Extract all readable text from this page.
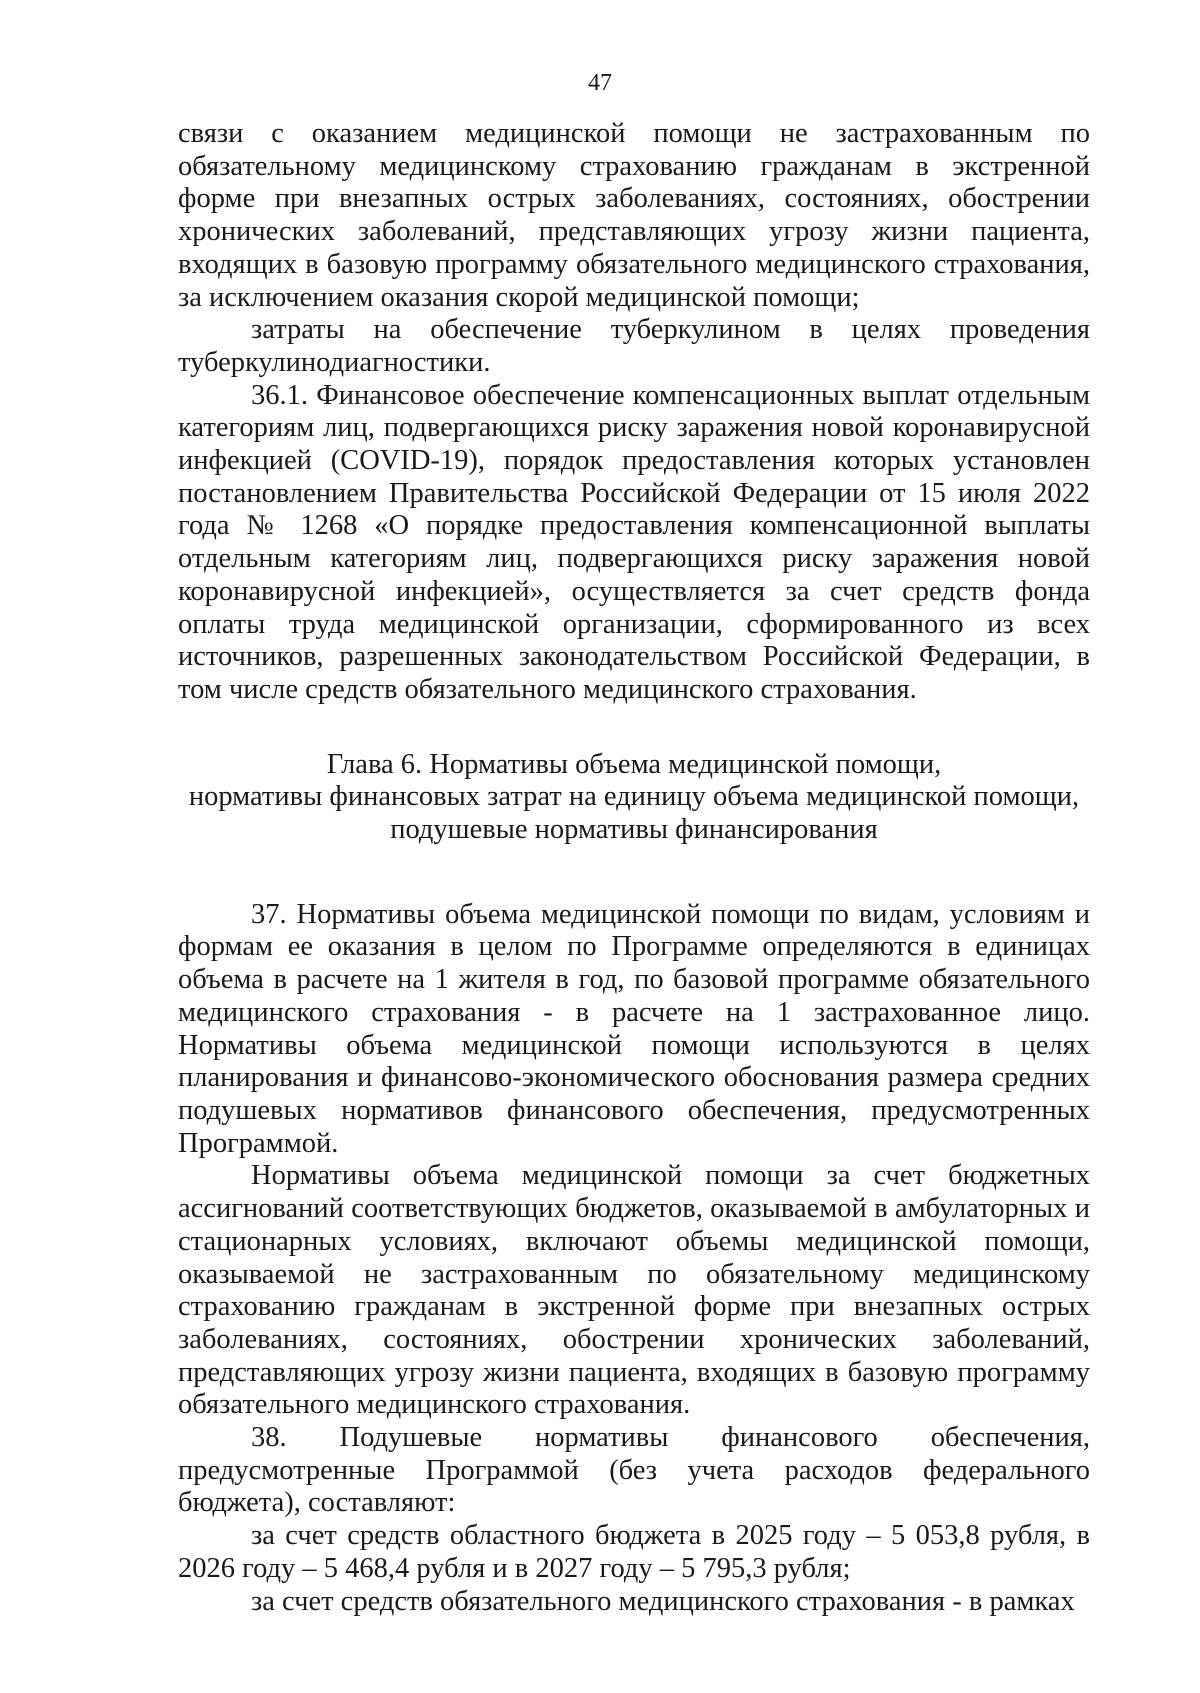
47

связи с оказанием медицинской помощи не застрахованным по обязательному медицинскому страхованию гражданам в экстренной форме при внезапных острых заболеваниях, состояниях, обострении хронических заболеваний, представляющих угрозу жизни пациента, входящих в базовую программу обязательного медицинского страхования, за исключением оказания скорой медицинской помощи;

затраты на обеспечение туберкулином в целях проведения туберкулинодиагностики.

36.1. Финансовое обеспечение компенсационных выплат отдельным категориям лиц, подвергающихся риску заражения новой коронавирусной инфекцией (COVID-19), порядок предоставления которых установлен постановлением Правительства Российской Федерации от 15 июля 2022 года № 1268 «О порядке предоставления компенсационной выплаты отдельным категориям лиц, подвергающихся риску заражения новой коронавирусной инфекцией», осуществляется за счет средств фонда оплаты труда медицинской организации, сформированного из всех источников, разрешенных законодательством Российской Федерации, в том числе средств обязательного медицинского страхования.

Глава 6. Нормативы объема медицинской помощи,

нормативы финансовых затрат на единицу объема медицинской помощи,

подушевые нормативы финансирования

37. Нормативы объема медицинской помощи по видам, условиям и формам ее оказания в целом по Программе определяются в единицах объема в расчете на 1 жителя в год, по базовой программе обязательного медицинского страхования - в расчете на 1 застрахованное лицо. Нормативы объема медицинской помощи используются в целях планирования и финансово-экономического обоснования размера средних подушевых нормативов финансового обеспечения, предусмотренных Программой.

Нормативы объема медицинской помощи за счет бюджетных ассигнований соответствующих бюджетов, оказываемой в амбулаторных и стационарных условиях, включают объемы медицинской помощи, оказываемой не застрахованным по обязательному медицинскому страхованию гражданам в экстренной форме при внезапных острых заболеваниях, состояниях, обострении хронических заболеваний, представляющих угрозу жизни пациента, входящих в базовую программу обязательного медицинского страхования.

38. Подушевые нормативы финансового обеспечения, предусмотренные Программой (без учета расходов федерального бюджета), составляют:

за счет средств областного бюджета в 2025 году – 5 053,8 рубля, в 2026 году – 5 468,4 рубля и в 2027 году – 5 795,3 рубля;

за счет средств обязательного медицинского страхования - в рамках
